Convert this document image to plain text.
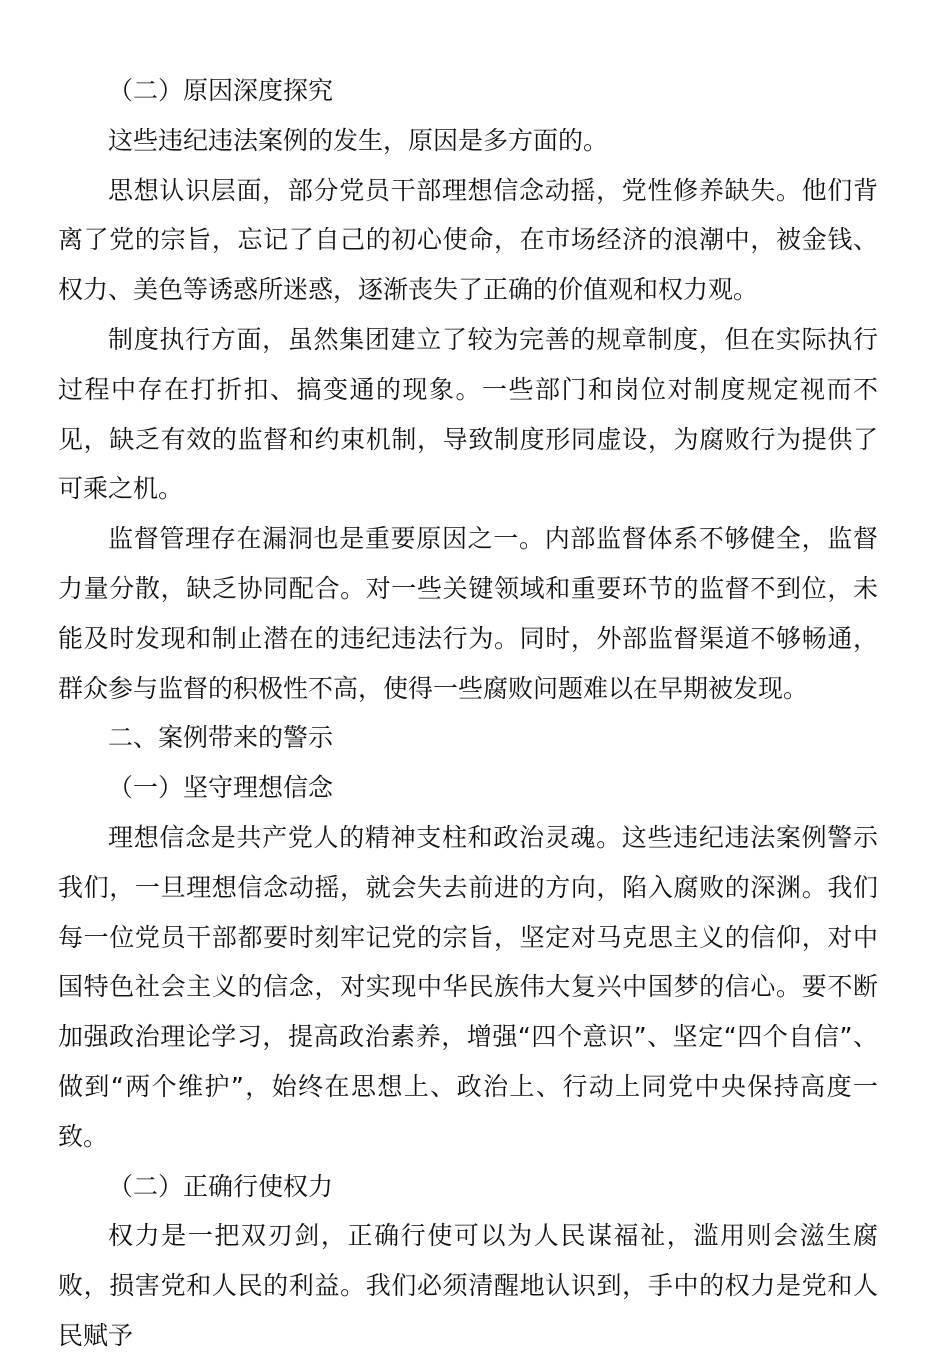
（二）原因深度探究

这些违纪违法案例的发生，原因是多方面的。

思想认识层面，部分党员干部理想信念动摇，党性修养缺失。他们背离了党的宗旨，忘记了自己的初心使命，在市场经济的浪潮中，被金钱、权力、美色等诱惑所迷惑，逐渐丧失了正确的价值观和权力观。

制度执行方面，虽然集团建立了较为完善的规章制度，但在实际执行过程中存在打折扣、搞变通的现象。一些部门和岗位对制度规定视而不见，缺乏有效的监督和约束机制，导致制度形同虚设，为腐败行为提供了可乘之机。

监督管理存在漏洞也是重要原因之一。内部监督体系不够健全，监督力量分散，缺乏协同配合。对一些关键领域和重要环节的监督不到位，未能及时发现和制止潜在的违纪违法行为。同时，外部监督渠道不够畅通，群众参与监督的积极性不高，使得一些腐败问题难以在早期被发现。

二、案例带来的警示

（一）坚守理想信念

理想信念是共产党人的精神支柱和政治灵魂。这些违纪违法案例警示我们，一旦理想信念动摇，就会失去前进的方向，陷入腐败的深渊。我们每一位党员干部都要时刻牢记党的宗旨，坚定对马克思主义的信仰，对中国特色社会主义的信念，对实现中华民族伟大复兴中国梦的信心。要不断加强政治理论学习，提高政治素养，增强“四个意识”、坚定“四个自信”、做到“两个维护”，始终在思想上、政治上、行动上同党中央保持高度一致。

（二）正确行使权力

权力是一把双刃剑，正确行使可以为人民谋福祉，滥用则会滋生腐败，损害党和人民的利益。我们必须清醒地认识到，手中的权力是党和人民赋予
